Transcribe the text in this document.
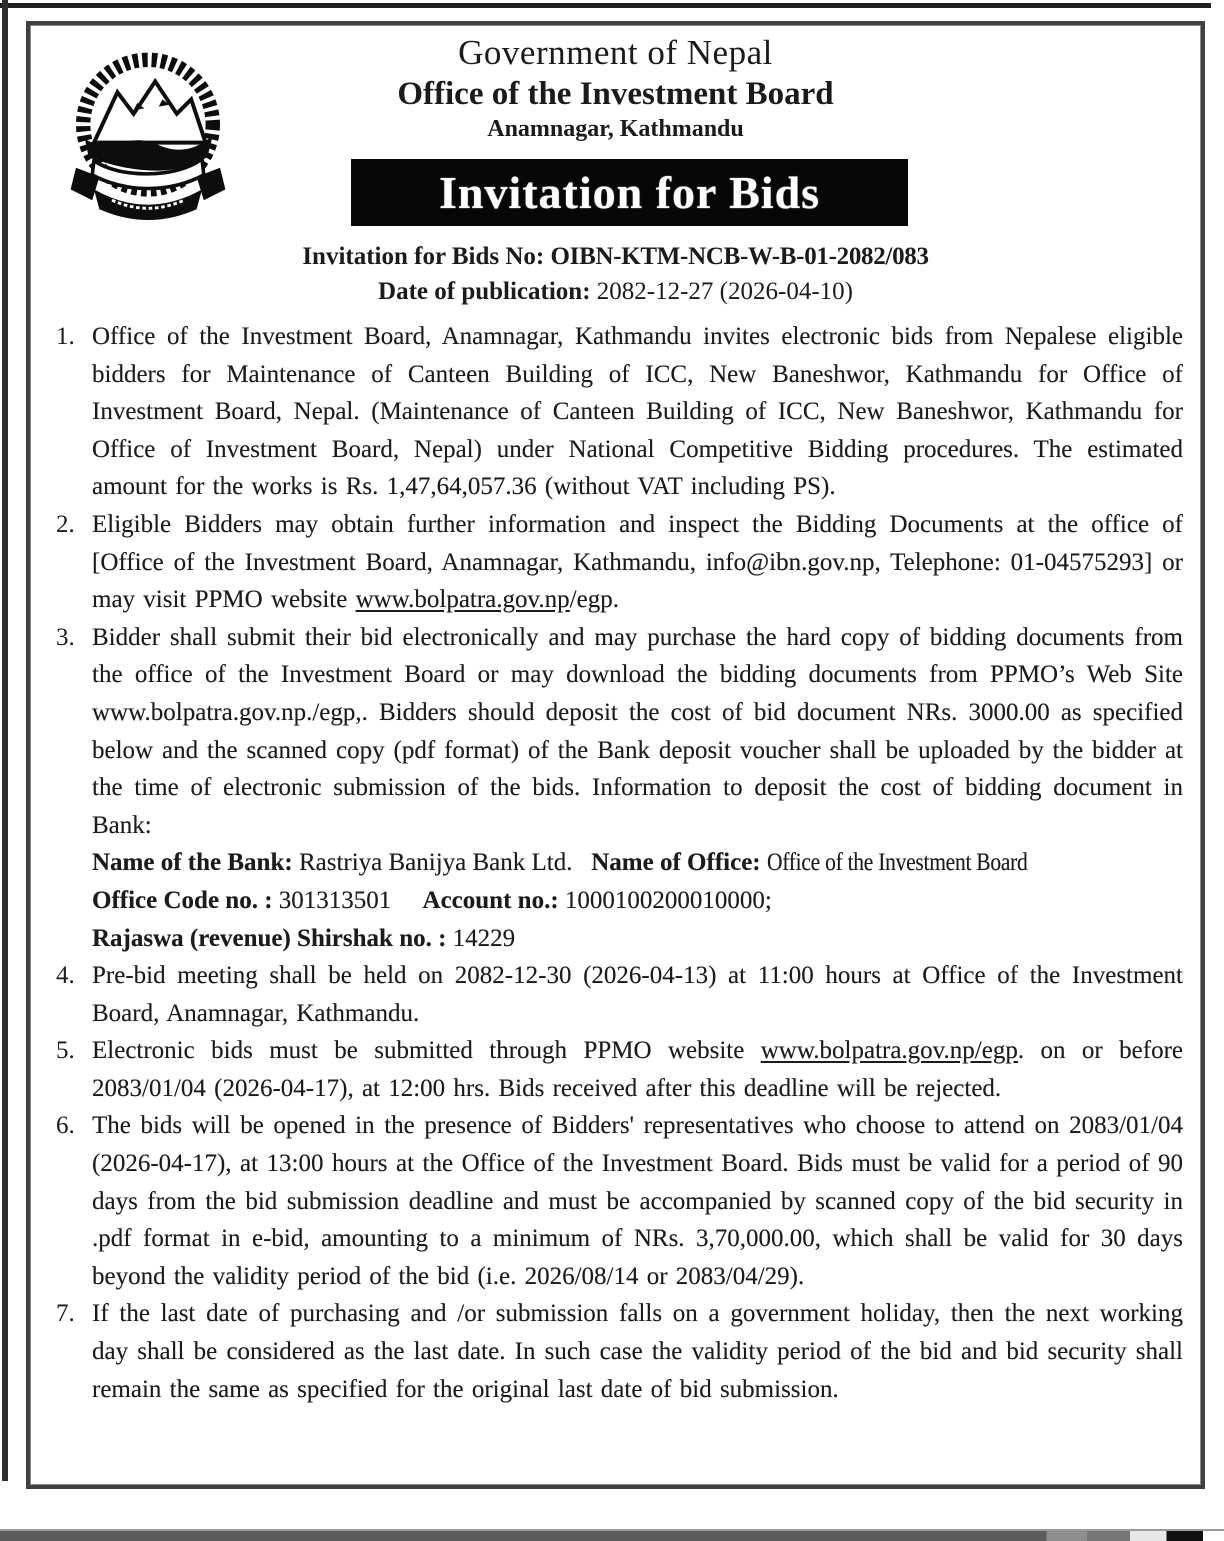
Government of Nepal
Office of the Investment Board
Anamnagar, Kathmandu
Invitation for Bids
Invitation for Bids No: OIBN-KTM-NCB-W-B-01-2082/083
Date of publication: 2082-12-27 (2026-04-10)
1. Office of the Investment Board, Anamnagar, Kathmandu invites electronic bids from Nepalese eligible bidders for Maintenance of Canteen Building of ICC, New Baneshwor, Kathmandu for Office of Investment Board, Nepal. (Maintenance of Canteen Building of ICC, New Baneshwor, Kathmandu for Office of Investment Board, Nepal) under National Competitive Bidding procedures. The estimated amount for the works is Rs. 1,47,64,057.36 (without VAT including PS).
2. Eligible Bidders may obtain further information and inspect the Bidding Documents at the office of [Office of the Investment Board, Anamnagar, Kathmandu, info@ibn.gov.np, Telephone: 01-04575293] or may visit PPMO website www.bolpatra.gov.np/egp.
3. Bidder shall submit their bid electronically and may purchase the hard copy of bidding documents from the office of the Investment Board or may download the bidding documents from PPMO’s Web Site www.bolpatra.gov.np./egp,. Bidders should deposit the cost of bid document NRs. 3000.00 as specified below and the scanned copy (pdf format) of the Bank deposit voucher shall be uploaded by the bidder at the time of electronic submission of the bids. Information to deposit the cost of bidding document in Bank:
Name of the Bank: Rastriya Banijya Bank Ltd.  Name of Office: Office of the Investment Board
Office Code no. : 301313501  Account no.: 1000100200010000;
Rajaswa (revenue) Shirshak no. : 14229
4. Pre-bid meeting shall be held on 2082-12-30 (2026-04-13) at 11:00 hours at Office of the Investment Board, Anamnagar, Kathmandu.
5. Electronic bids must be submitted through PPMO website www.bolpatra.gov.np/egp. on or before 2083/01/04 (2026-04-17), at 12:00 hrs. Bids received after this deadline will be rejected.
6. The bids will be opened in the presence of Bidders' representatives who choose to attend on 2083/01/04 (2026-04-17), at 13:00 hours at the Office of the Investment Board. Bids must be valid for a period of 90 days from the bid submission deadline and must be accompanied by scanned copy of the bid security in .pdf format in e-bid, amounting to a minimum of NRs. 3,70,000.00, which shall be valid for 30 days beyond the validity period of the bid (i.e. 2026/08/14 or 2083/04/29).
7. If the last date of purchasing and /or submission falls on a government holiday, then the next working day shall be considered as the last date. In such case the validity period of the bid and bid security shall remain the same as specified for the original last date of bid submission.
